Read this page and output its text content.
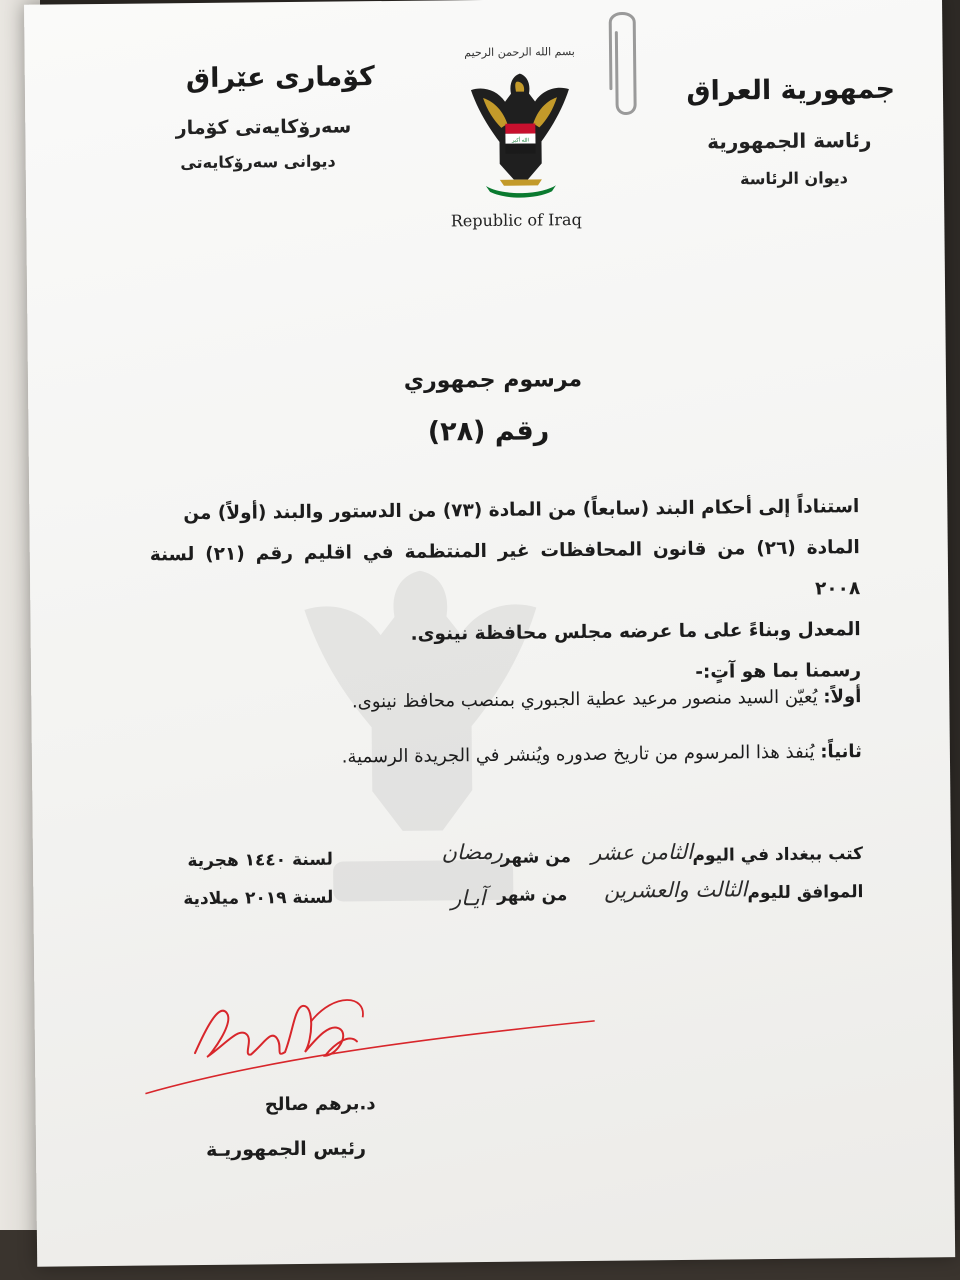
جمهورية العراق
رئاسة الجمهورية
ديوان الرئاسة
كۆمارى عێراق
سەرۆكايەتى كۆمار
ديوانى سەرۆكايەتى
بسم الله الرحمن الرحيم
الله أكبر
Republic of Iraq
مرسوم جمهوري
رقم (٢٨)
استناداً إلى أحكام البند (سابعاً) من المادة (٧٣) من الدستور والبند (أولاً) من
المادة (٢٦) من قانون المحافظات غير المنتظمة في اقليم رقم (٢١) لسنة ٢٠٠٨
المعدل وبناءً على ما عرضه مجلس محافظة نينوى.
رسمنا بما هو آتٍ:-
أولاً: يُعيّن السيد منصور مرعيد عطية الجبوري بمنصب محافظ نينوى.
ثانياً: يُنفذ هذا المرسوم من تاريخ صدوره ويُنشر في الجريدة الرسمية.
كتب ببغداد في اليوم
الثامن عشر
من شهر
رمضان
لسنة ١٤٤٠ هجرية
الموافق لليوم
الثالث والعشرين
من شهر
آيـار
لسنة ٢٠١٩ ميلادية
د.برهم صالح
رئيس الجمهوريـة
